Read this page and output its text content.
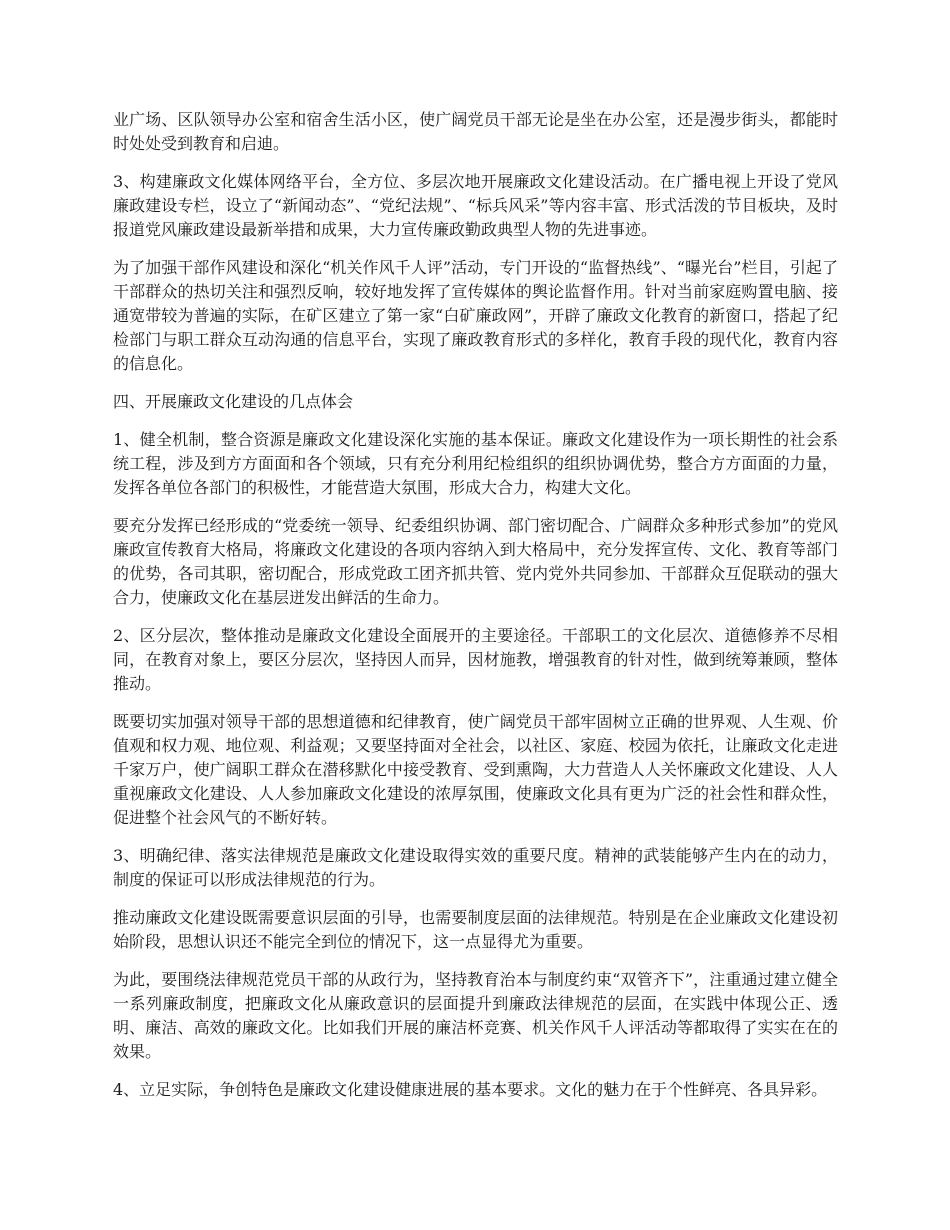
业广场、区队领导办公室和宿舍生活小区，使广阔党员干部无论是坐在办公室，还是漫步街头，都能时时处处受到教育和启迪。

3、构建廉政文化媒体网络平台，全方位、多层次地开展廉政文化建设活动。在广播电视上开设了党风廉政建设专栏，设立了“新闻动态”、“党纪法规”、“标兵风采”等内容丰富、形式活泼的节目板块，及时报道党风廉政建设最新举措和成果，大力宣传廉政勤政典型人物的先进事迹。

为了加强干部作风建设和深化“机关作风千人评”活动，专门开设的“监督热线”、“曝光台”栏目，引起了干部群众的热切关注和强烈反响，较好地发挥了宣传媒体的舆论监督作用。针对当前家庭购置电脑、接通宽带较为普遍的实际，在矿区建立了第一家“白矿廉政网”，开辟了廉政文化教育的新窗口，搭起了纪检部门与职工群众互动沟通的信息平台，实现了廉政教育形式的多样化，教育手段的现代化，教育内容的信息化。

四、开展廉政文化建设的几点体会

1、健全机制，整合资源是廉政文化建设深化实施的基本保证。廉政文化建设作为一项长期性的社会系统工程，涉及到方方面面和各个领域，只有充分利用纪检组织的组织协调优势，整合方方面面的力量，发挥各单位各部门的积极性，才能营造大氛围，形成大合力，构建大文化。

要充分发挥已经形成的“党委统一领导、纪委组织协调、部门密切配合、广阔群众多种形式参加”的党风廉政宣传教育大格局，将廉政文化建设的各项内容纳入到大格局中，充分发挥宣传、文化、教育等部门的优势，各司其职，密切配合，形成党政工团齐抓共管、党内党外共同参加、干部群众互促联动的强大合力，使廉政文化在基层迸发出鲜活的生命力。

2、区分层次，整体推动是廉政文化建设全面展开的主要途径。干部职工的文化层次、道德修养不尽相同，在教育对象上，要区分层次，坚持因人而异，因材施教，增强教育的针对性，做到统筹兼顾，整体推动。

既要切实加强对领导干部的思想道德和纪律教育，使广阔党员干部牢固树立正确的世界观、人生观、价值观和权力观、地位观、利益观；又要坚持面对全社会，以社区、家庭、校园为依托，让廉政文化走进千家万户，使广阔职工群众在潜移默化中接受教育、受到熏陶，大力营造人人关怀廉政文化建设、人人重视廉政文化建设、人人参加廉政文化建设的浓厚氛围，使廉政文化具有更为广泛的社会性和群众性，促进整个社会风气的不断好转。

3、明确纪律、落实法律规范是廉政文化建设取得实效的重要尺度。精神的武装能够产生内在的动力，制度的保证可以形成法律规范的行为。

推动廉政文化建设既需要意识层面的引导，也需要制度层面的法律规范。特别是在企业廉政文化建设初始阶段，思想认识还不能完全到位的情况下，这一点显得尤为重要。

为此，要围绕法律规范党员干部的从政行为，坚持教育治本与制度约束“双管齐下”，注重通过建立健全一系列廉政制度，把廉政文化从廉政意识的层面提升到廉政法律规范的层面，在实践中体现公正、透明、廉洁、高效的廉政文化。比如我们开展的廉洁杯竞赛、机关作风千人评活动等都取得了实实在在的效果。

4、立足实际，争创特色是廉政文化建设健康进展的基本要求。文化的魅力在于个性鲜亮、各具异彩。
